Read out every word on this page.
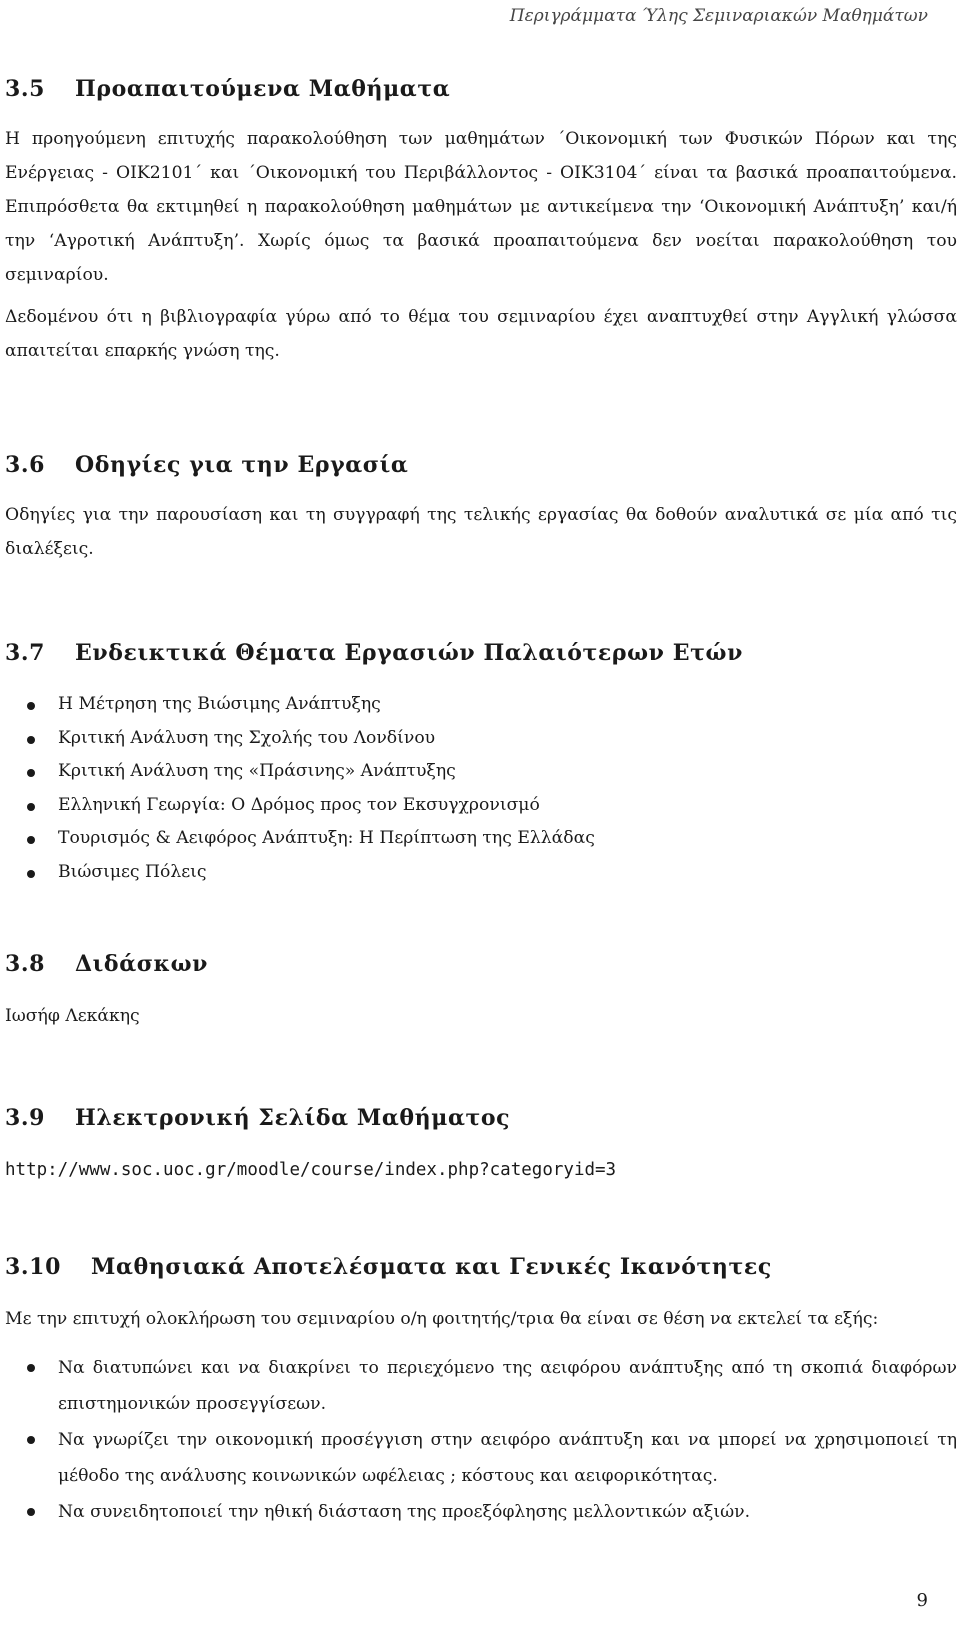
Περιγράμματα Ύλης Σεμιναριακών Μαθημάτων
3.5 Προαπαιτούμενα Μαθήματα

Η προηγούμενη επιτυχής παρακολούθηση των μαθημάτων ΄Οικονομική των Φυσικών Πόρων και της Ενέργειας - ΟΙΚ2101΄ και ΄Οικονομική του Περιβάλλοντος - ΟΙΚ3104΄ είναι τα βασικά προαπαιτούμενα. Επιπρόσθετα θα εκτιμηθεί η παρακολούθηση μαθημάτων με αντικείμενα την ‘Οικονομική Ανάπτυξη’ και/ή την ‘Αγροτική Ανάπτυξη’. Χωρίς όμως τα βασικά προαπαιτούμενα δεν νοείται παρακολούθηση του σεμιναρίου.

Δεδομένου ότι η βιβλιογραφία γύρω από το θέμα του σεμιναρίου έχει αναπτυχθεί στην Αγγλική γλώσσα απαιτείται επαρκής γνώση της.

3.6 Οδηγίες για την Εργασία

Οδηγίες για την παρουσίαση και τη συγγραφή της τελικής εργασίας θα δοθούν αναλυτικά σε μία από τις διαλέξεις.

3.7 Ενδεικτικά Θέματα Εργασιών Παλαιότερων Ετών
Η Μέτρηση της Βιώσιμης Ανάπτυξης
Κριτική Ανάλυση της Σχολής του Λονδίνου
Κριτική Ανάλυση της «Πράσινης» Ανάπτυξης
Ελληνική Γεωργία: Ο Δρόμος προς τον Εκσυγχρονισμό
Τουρισμός & Αειφόρος Ανάπτυξη: Η Περίπτωση της Ελλάδας
Βιώσιμες Πόλεις
3.8 Διδάσκων

Ιωσήφ Λεκάκης

3.9 Ηλεκτρονική Σελίδα Μαθήματος

http://www.soc.uoc.gr/moodle/course/index.php?categoryid=3

3.10 Μαθησιακά Αποτελέσματα και Γενικές Ικανότητες

Με την επιτυχή ολοκλήρωση του σεμιναρίου ο/η φοιτητής/τρια θα είναι σε θέση να εκτελεί τα εξής:

Να διατυπώνει και να διακρίνει το περιεχόμενο της αειφόρου ανάπτυξης από τη σκοπιά διαφόρων επιστημονικών προσεγγίσεων.
Να γνωρίζει την οικονομική προσέγγιση στην αειφόρο ανάπτυξη και να μπορεί να χρησιμοποιεί τη μέθοδο της ανάλυσης κοινωνικών ωφέλειας ; κόστους και αειφορικότητας.
Να συνειδητοποιεί την ηθική διάσταση της προεξόφλησης μελλοντικών αξιών.
9
